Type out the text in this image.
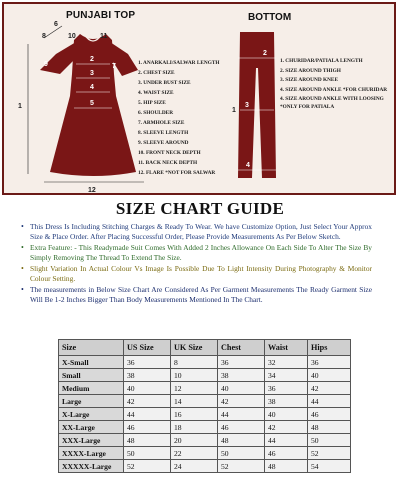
PUNJABI TOP	BOTTOM
8
6
10	11
9
2
3
4
7
5
1
12
1
2
3
4
1. ANARKALI/SALWAR LENGTH
2. CHEST SIZE
3. UNDER BUST SIZE
4. WAIST SIZE
5. HIP SIZE
6. SHOULDER
7. ARMHOLE SIZE
8. SLEEVE LENGTH
9. SLEEVE AROUND
10. FRONT NECK DEPTH
11. BACK NECK DEPTH
12. FLARE *NOT FOR SALWAR
1. CHURIDAR/PATIALA LENGTH
2. SIZE AROUND THIGH
3. SIZE AROUND KNEE
4. SIZE AROUND ANKLE *FOR CHURIDAR
4. SIZE AROUND ANKLE WITH LOOSING *ONLY FOR PATIALA
SIZE CHART GUIDE
• This Dress Is Including Stitching Charges & Ready To Wear. We have Customize Option, Just Select Your Approx Size & Place Order. After Placing Successful Order, Please Provide Measurements As Per Below Sketch.
• Extra Feature: - This Readymade Suit Comes With Added 2 Inches Allowance On Each Side To Alter The Size By Simply Removing The Thread To Extend The Size.
• Slight Variation In Actual Colour Vs Image Is Possible Due To Light Intensity During Photography & Monitor Colour Setting.
• The measurements in Below Size Chart Are Considered As Per Garment Measurements The Ready Garment Size Will Be 1-2 Inches Bigger Than Body Measurements Mentioned In The Chart.
Size	US Size	UK Size	Chest	Waist	Hips
X-Small	36	8	36	32	36
Small	38	10	38	34	40
Medium	40	12	40	36	42
Large	42	14	42	38	44
X-Large	44	16	44	40	46
XX-Large	46	18	46	42	48
XXX-Large	48	20	48	44	50
XXXX-Large	50	22	50	46	52
XXXXX-Large	52	24	52	48	54
